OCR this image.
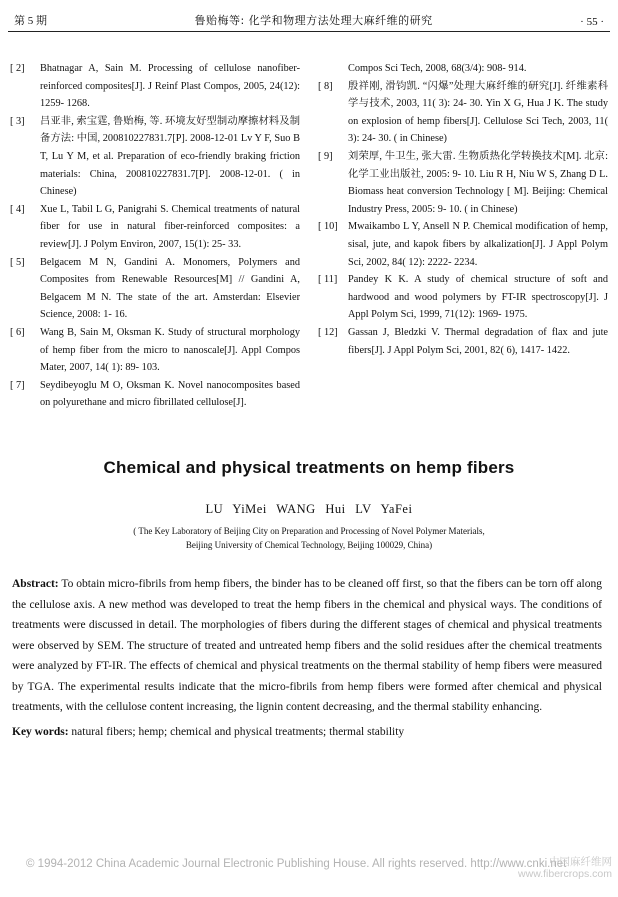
第 5 期	鲁贻梅等: 化学和物理方法处理大麻纤维的研究	· 55 ·
[ 2]	Bhatnagar A, Sain M. Processing of cellulose nanofiber-reinforced composites[J]. J Reinf Plast Compos, 2005, 24(12): 1259- 1268.
[ 3]	吕亚非, 索宝霆, 鲁贻梅, 等. 环境友好型制动摩擦材料及制备方法: 中国, 200810227831.7[P]. 2008-12-01 Lv Y F, Suo B T, Lu Y M, et al. Preparation of eco-friendly braking friction materials: China, 200810227831.7[P]. 2008-12-01. ( in Chinese)
[ 4]	Xue L, Tabil L G, Panigrahi S. Chemical treatments of natural fiber for use in natural fiber-reinforced composites: a review[J]. J Polym Environ, 2007, 15(1): 25- 33.
[ 5]	Belgacem M N, Gandini A. Monomers, Polymers and Composites from Renewable Resources[M] // Gandini A, Belgacem M N. The state of the art. Amsterdan: Elsevier Science, 2008: 1- 16.
[ 6]	Wang B, Sain M, Oksman K. Study of structural morphology of hemp fiber from the micro to nanoscale[J]. Appl Compos Mater, 2007, 14( 1): 89- 103.
[ 7]	Seydibeyoglu M O, Oksman K. Novel nanocomposites based on polyurethane and micro fibrillated cellulose[J].
Compos Sci Tech, 2008, 68(3/4): 908- 914.
[ 8]	殷祥刚, 滑钧凯. “闪爆”处理大麻纤维的研究[J]. 纤维素科学与技术, 2003, 11( 3): 24- 30. Yin X G, Hua J K. The study on explosion of hemp fibers[J]. Cellulose Sci Tech, 2003, 11( 3): 24- 30. ( in Chinese)
[ 9]	刘荣厚, 牛卫生, 张大雷. 生物质热化学转换技术[M]. 北京: 化学工业出版社, 2005: 9- 10. Liu R H, Niu W S, Zhang D L. Biomass heat conversion Technology [ M]. Beijing: Chemical Industry Press, 2005: 9- 10. ( in Chinese)
[ 10] Mwaikambo L Y, Ansell N P. Chemical modification of hemp, sisal, jute, and kapok fibers by alkalization[J]. J Appl Polym Sci, 2002, 84( 12): 2222- 2234.
[ 11]	Pandey K K. A study of chemical structure of soft and hardwood and wood polymers by FT-IR spectroscopy[J]. J Appl Polym Sci, 1999, 71(12): 1969- 1975.
[ 12] Gassan J, Bledzki V. Thermal degradation of flax and jute fibers[J]. J Appl Polym Sci, 2001, 82( 6), 1417- 1422.
Chemical and physical treatments on hemp fibers
LU YiMei WANG Hui LV YaFei
( The Key Laboratory of Beijing City on Preparation and Processing of Novel Polymer Materials,
Beijing University of Chemical Technology, Beijing 100029, China)
Abstract: To obtain micro-fibrils from hemp fibers, the binder has to be cleaned off first, so that the fibers can be torn off along the cellulose axis. A new method was developed to treat the hemp fibers in the chemical and physical ways. The conditions of treatments were discussed in detail. The morphologies of fibers during the different stages of chemical and physical treatments were observed by SEM. The structure of treated and untreated hemp fibers and the solid residues after the chemical treatments were analyzed by FT-IR. The effects of chemical and physical treatments on the thermal stability of hemp fibers were measured by TGA. The experimental results indicate that the micro-fibrils from hemp fibers were formed after chemical and physical treatments, with the cellulose content increasing, the lignin content decreasing, and the thermal stability enhancing.
Key words: natural fibers; hemp; chemical and physical treatments; thermal stability
© 1994-2012 China Academic Journal Electronic Publishing House. All rights reserved. http://www.cnki.net
中国麻纤维网
www.fibercrops.com
